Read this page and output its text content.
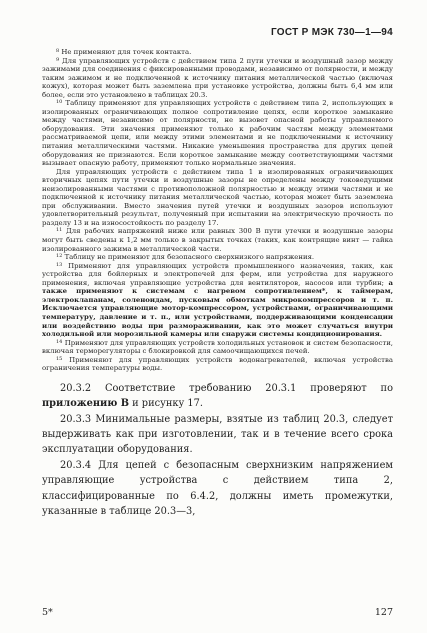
ГОСТ Р МЭК 730—1—94

$^8$ Не применяют для точек контакта.

$^9$ Для управляющих устройств с действием типа 2 пути утечки и воздушный зазор между зажимами для соединения с фиксированными проводами, независимо от полярности, и между таким зажимом и не подключенной к источнику питания металлической частью (включая кожух), которая может быть заземлена при установке устройства, должны быть 6,4 мм или более, если это установлено в таблицах 20.3.

$^{10}$ Таблицу применяют для управляющих устройств с действием типа 2, использующих в изолированных ограничивающих полное сопротивление цепях, если короткое замыкание между частями, независимо от полярности, не вызовет опасной работы управляемого оборудования. Эти значения применяют только к рабочим частям между элементами рассматриваемой цепи, или между этими элементами и не подключенными к источнику питания металлическими частями. Никакие уменьшения пространства для других цепей оборудования не признаются. Если короткое замыкание между соответствующими частями вызывает опасную работу, применяют только нормальные значения.

Для управляющих устройств с действием типа 1 в изолированных ограничивающих вторичных цепях пути утечки и воздушные зазоры не определены между токоведущими неизолированными частями с противоположной полярностью и между этими частями и не подключенной к источнику питания металлической частью, которая может быть заземлена при обслуживании. Вместо значения путей утечки и воздушных зазоров используют удовлетворительный результат, полученный при испытании на электрическую прочность по разделу 13 и на износостойкость по разделу 17.

$^{11}$ Для рабочих напряжений ниже или равных 300 В пути утечки и воздушные зазоры могут быть сведены к 1,2 мм только в закрытых точках (таких, как контрящие винт — гайка изолированного зажима в металлической части.

$^{12}$ Таблицу не применяют для безопасного сверхнизкого напряжения.

$^{13}$ Применяют для управляющих устройств промышленного назначения, таких, как устройства для бойлерных и электропечей для ферм, или устройства для наружного применения, включая управляющие устройства для вентиляторов, насосов или турбин; а также применяют к системам с нагревом сопротивлением*, к таймерам, электроклапанам, соленоидам, пусковым обмоткам микрокомпрессоров и т. п. Исключается управляющие мотор-компрессором, устройствами, ограничивающими температуру, давление и т. п., или устройствами, поддерживающими конденсации или воздействию воды при размораживании, как это может случаться внутри холодильной или морозильной камеры или снаружи системы кондиционирования.

$^{14}$ Применяют для управляющих устройств холодильных установок и систем безопасности, включая терморегуляторы с блокировкой для самоочищающихся печей.

$^{15}$ Применяют для управляющих устройств водонагревателей, включая устройства ограничения температуры воды.

20.3.2 Соответствие требованию 20.3.1 проверяют по приложению В и рисунку 17.

20.3.3 Минимальные размеры, взятые из таблиц 20.3, следует выдерживать как при изготовлении, так и в течение всего срока эксплуатации оборудования.

20.3.4 Для цепей с безопасным сверхнизким напряжением управляющие устройства с действием типа 2, классифицированные по 6.4.2, должны иметь промежутки, указанные в таблице 20.3—3,

5*	127
